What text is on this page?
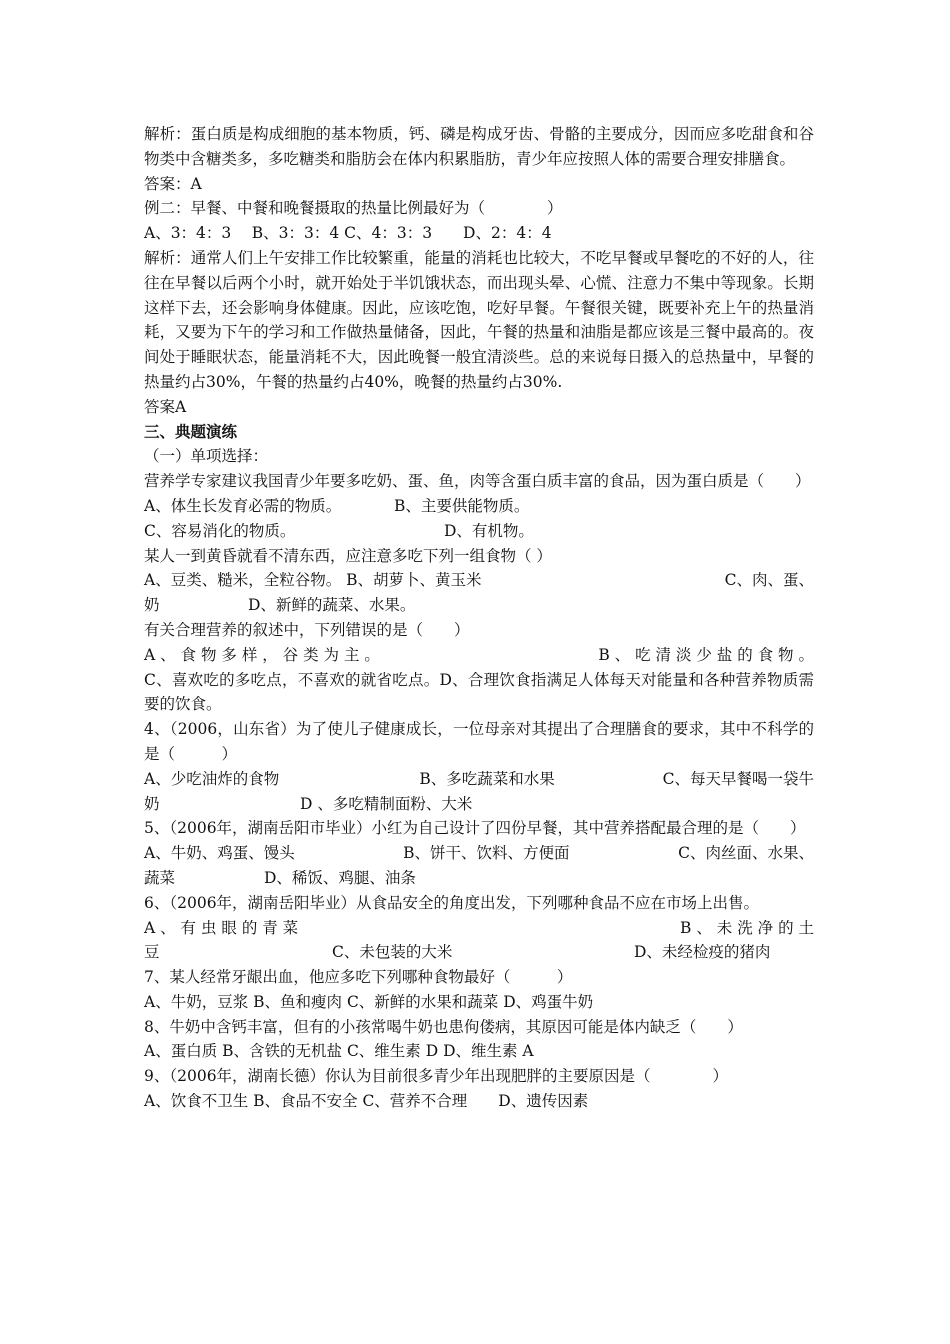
解析：蛋白质是构成细胞的基本物质，钙、磷是构成牙齿、骨骼的主要成分，因而应多吃甜食和谷物类中含糖类多，多吃糖类和脂肪会在体内积累脂肪，青少年应按照人体的需要合理安排膳食。

答案：A

例二：早餐、中餐和晚餐摄取的热量比例最好为（　　　　）

A、3：4：3　 B、3：3：4 C、4：3：3　　D、2：4：4

解析：通常人们上午安排工作比较繁重，能量的消耗也比较大，不吃早餐或早餐吃的不好的人，往往在早餐以后两个小时，就开始处于半饥饿状态，而出现头晕、心慌、注意力不集中等现象。长期这样下去，还会影响身体健康。因此，应该吃饱，吃好早餐。午餐很关键，既要补充上午的热量消耗，又要为下午的学习和工作做热量储备，因此，午餐的热量和油脂是都应该是三餐中最高的。夜间处于睡眠状态，能量消耗不大，因此晚餐一般宜清淡些。总的来说每日摄入的总热量中，早餐的热量约占30%，午餐的热量约占40%，晚餐的热量约占30%.

答案A

三、典题演练

（一）单项选择：

营养学专家建议我国青少年要多吃奶、蛋、鱼，肉等含蛋白质丰富的食品，因为蛋白质是（　　）

A、体生长发育必需的物质。	B、主要供能物质。
C、容易消化的物质。	D、有机物。

某人一到黄昏就看不清东西，应注意多吃下列一组食物（ ）

A、豆类、糙米，全粒谷物。 B、胡萝卜、黄玉米	C、肉、蛋、
奶	D、新鲜的蔬菜、水果。

有关合理营养的叙述中，下列错误的是（　　）

A 、 食 物 多 样 ， 谷 类 为 主 。	B 、 吃 清 淡 少 盐 的 食 物 。

C、喜欢吃的多吃点，不喜欢的就省吃点。D、合理饮食指满足人体每天对能量和各种营养物质需要的饮食。

4、（2006，山东省）为了使儿子健康成长，一位母亲对其提出了合理膳食的要求，其中不科学的是（　　　）

A、少吃油炸的食物	B、多吃蔬菜和水果	C、每天早餐喝一袋牛
奶	D 、多吃精制面粉、大米

5、（2006年，湖南岳阳市毕业）小红为自己设计了四份早餐，其中营养搭配最合理的是（　　）

A、牛奶、鸡蛋、馒头	B、饼干、饮料、方便面	C、肉丝面、水果、
蔬菜	D、稀饭、鸡腿、油条

6、（2006年，湖南岳阳毕业）从食品安全的角度出发，下列哪种食品不应在市场上出售。

A 、 有 虫 眼 的 青 菜	B 、 未 洗 净 的 土
豆	C、未包装的大米	D、未经检疫的猪肉

7、某人经常牙龈出血，他应多吃下列哪种食物最好（　　　）

A、牛奶，豆浆 B、鱼和瘦肉 C、新鲜的水果和蔬菜 D、鸡蛋牛奶

8、牛奶中含钙丰富，但有的小孩常喝牛奶也患佝偻病，其原因可能是体内缺乏（　　）

A、蛋白质 B、含铁的无机盐 C、维生素 D D、维生素 A

9、（2006年，湖南长德）你认为目前很多青少年出现肥胖的主要原因是（　　　　）

A、饮食不卫生 B、食品不安全 C、营养不合理　　D、遗传因素
